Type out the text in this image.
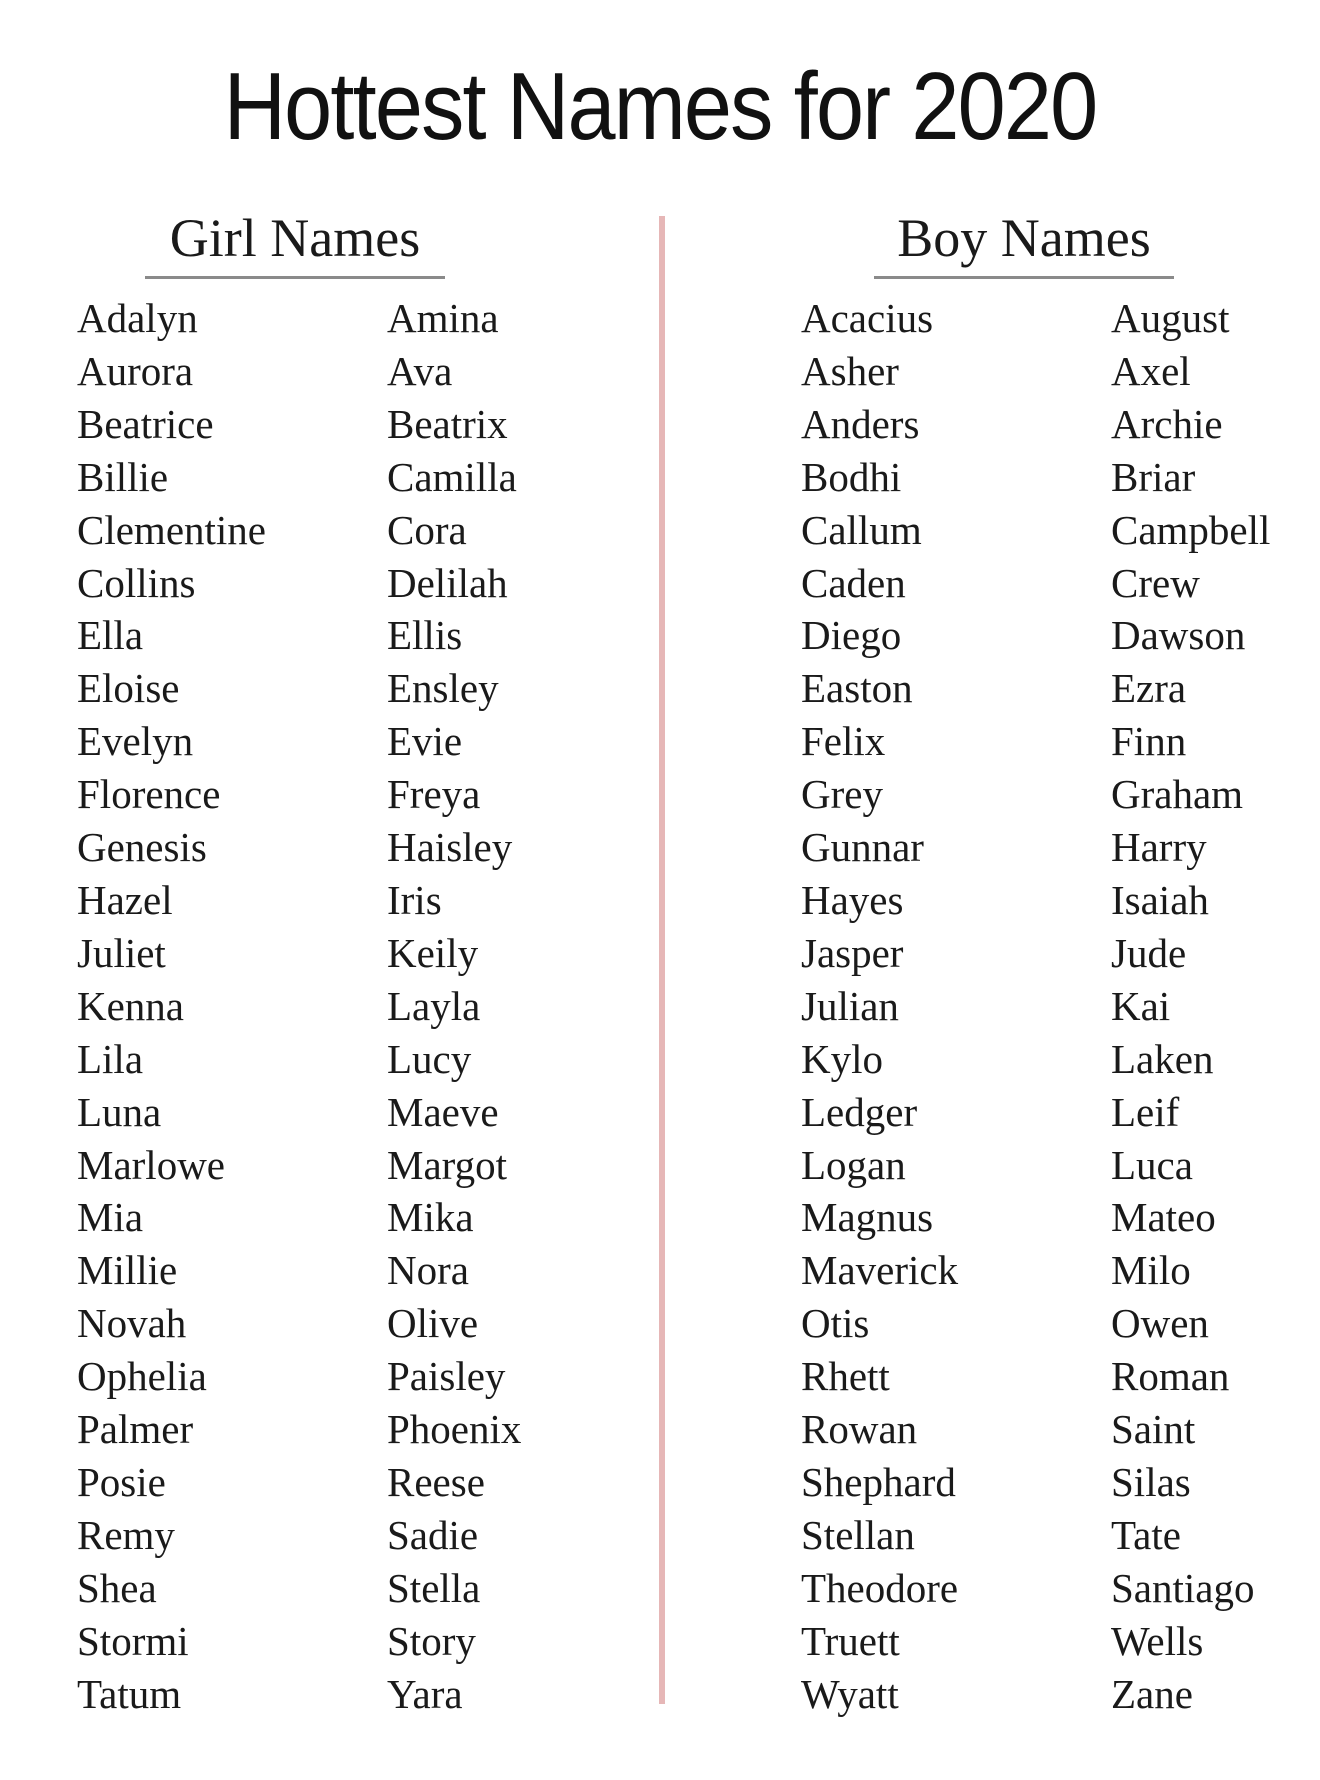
Hottest Names for 2020
Girl Names
Adalyn
Aurora
Beatrice
Billie
Clementine
Collins
Ella
Eloise
Evelyn
Florence
Genesis
Hazel
Juliet
Kenna
Lila
Luna
Marlowe
Mia
Millie
Novah
Ophelia
Palmer
Posie
Remy
Shea
Stormi
Tatum
Amina
Ava
Beatrix
Camilla
Cora
Delilah
Ellis
Ensley
Evie
Freya
Haisley
Iris
Keily
Layla
Lucy
Maeve
Margot
Mika
Nora
Olive
Paisley
Phoenix
Reese
Sadie
Stella
Story
Yara
Boy Names
Acacius
Asher
Anders
Bodhi
Callum
Caden
Diego
Easton
Felix
Grey
Gunnar
Hayes
Jasper
Julian
Kylo
Ledger
Logan
Magnus
Maverick
Otis
Rhett
Rowan
Shephard
Stellan
Theodore
Truett
Wyatt
August
Axel
Archie
Briar
Campbell
Crew
Dawson
Ezra
Finn
Graham
Harry
Isaiah
Jude
Kai
Laken
Leif
Luca
Mateo
Milo
Owen
Roman
Saint
Silas
Tate
Santiago
Wells
Zane
